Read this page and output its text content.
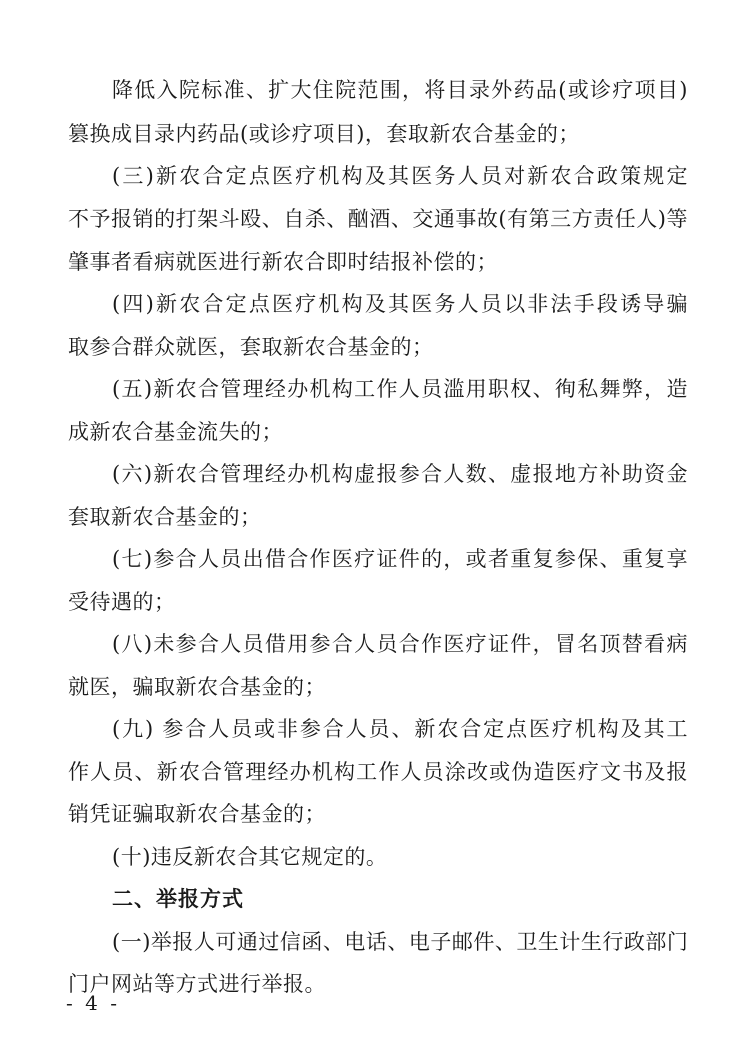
降低入院标准、扩大住院范围，将目录外药品(或诊疗项目)
篡换成目录内药品(或诊疗项目)，套取新农合基金的；
(三)新农合定点医疗机构及其医务人员对新农合政策规定
不予报销的打架斗殴、自杀、酗酒、交通事故(有第三方责任人)等
肇事者看病就医进行新农合即时结报补偿的；
(四)新农合定点医疗机构及其医务人员以非法手段诱导骗
取参合群众就医，套取新农合基金的；
(五)新农合管理经办机构工作人员滥用职权、徇私舞弊，造
成新农合基金流失的；
(六)新农合管理经办机构虚报参合人数、虚报地方补助资金
套取新农合基金的；
(七)参合人员出借合作医疗证件的，或者重复参保、重复享
受待遇的；
(八)未参合人员借用参合人员合作医疗证件，冒名顶替看病
就医，骗取新农合基金的；
(九) 参合人员或非参合人员、新农合定点医疗机构及其工
作人员、新农合管理经办机构工作人员涂改或伪造医疗文书及报
销凭证骗取新农合基金的；
(十)违反新农合其它规定的。
二、举报方式
(一)举报人可通过信函、电话、电子邮件、卫生计生行政部门
门户网站等方式进行举报。
- 4 -
